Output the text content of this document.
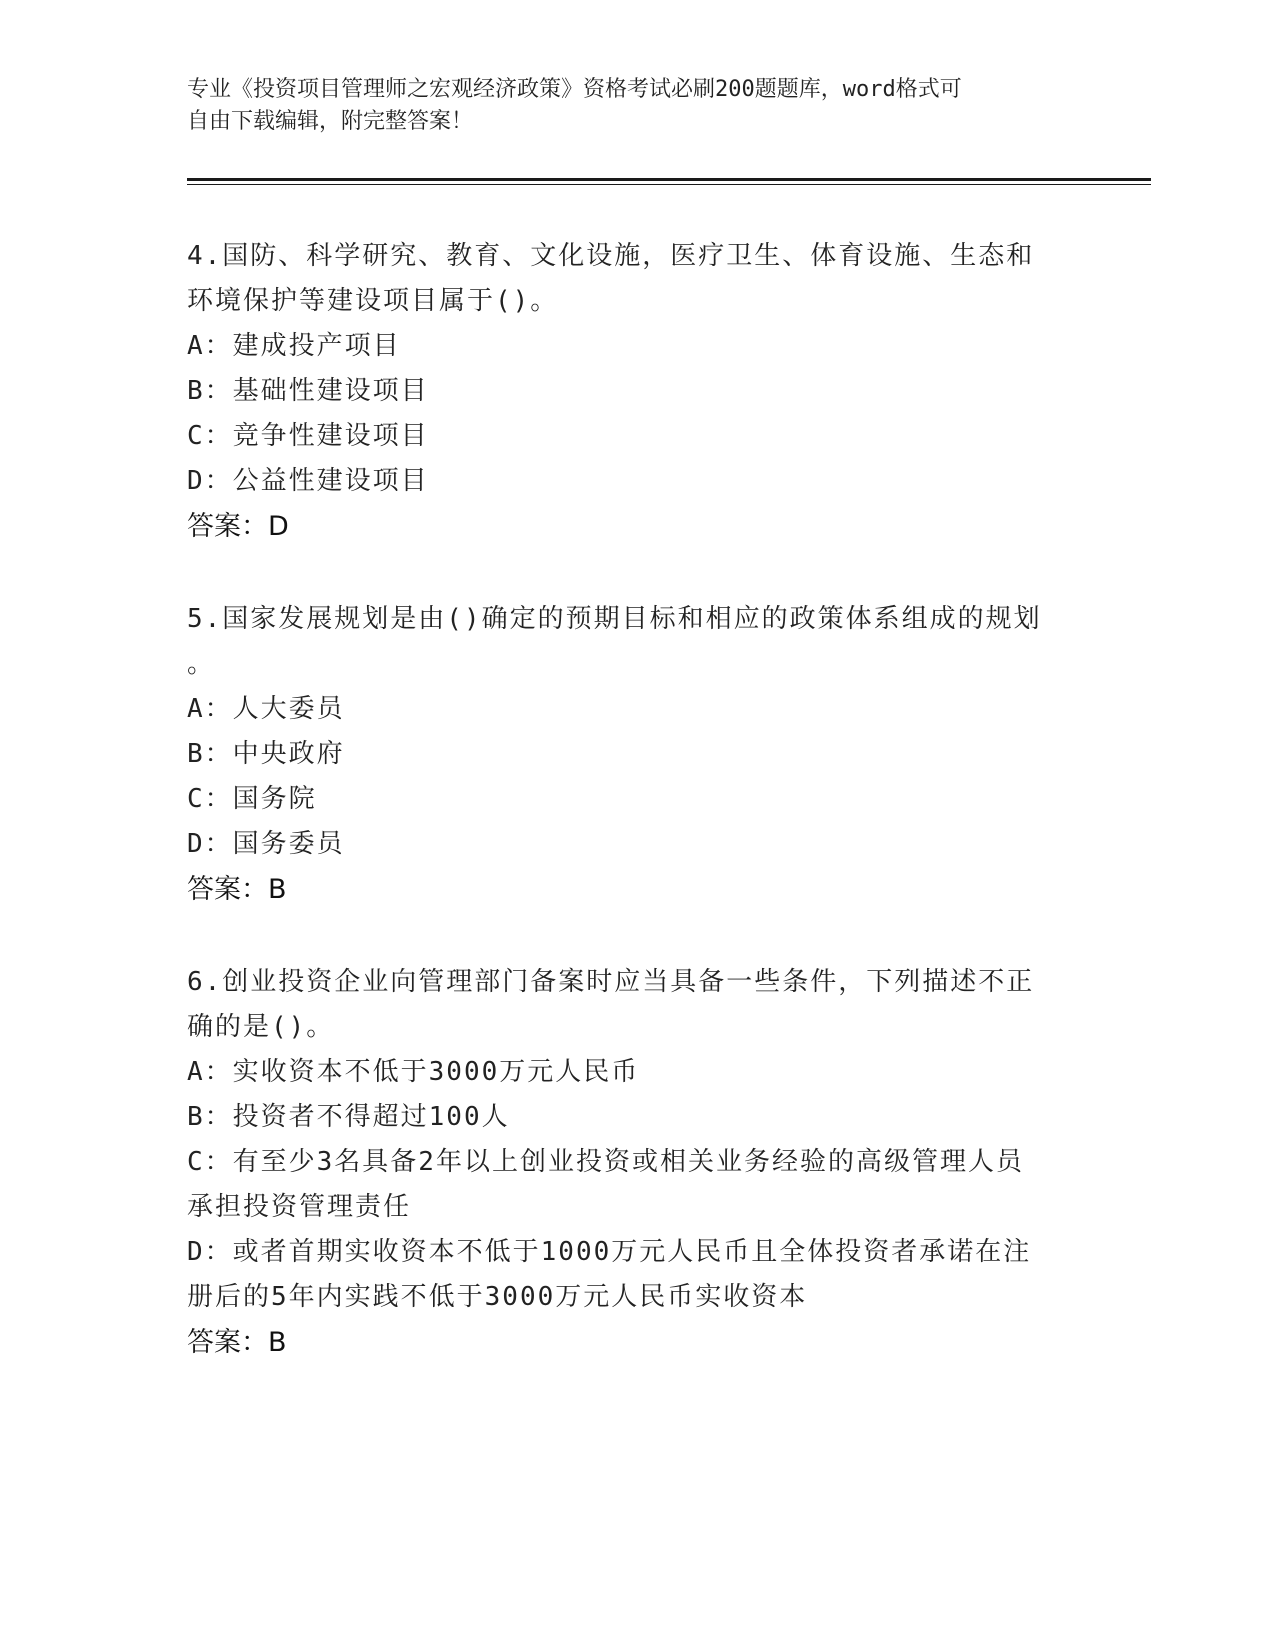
专业《投资项目管理师之宏观经济政策》资格考试必刷200题题库，word格式可
自由下载编辑，附完整答案！

4.国防、科学研究、教育、文化设施，医疗卫生、体育设施、生态和

环境保护等建设项目属于()。

A：建成投产项目

B：基础性建设项目

C：竞争性建设项目

D：公益性建设项目

答案：D

5.国家发展规划是由()确定的预期目标和相应的政策体系组成的规划

。

A：人大委员

B：中央政府

C：国务院

D：国务委员

答案：B

6.创业投资企业向管理部门备案时应当具备一些条件，下列描述不正

确的是()。

A：实收资本不低于3000万元人民币

B：投资者不得超过100人

C：有至少3名具备2年以上创业投资或相关业务经验的高级管理人员

承担投资管理责任

D：或者首期实收资本不低于1000万元人民币且全体投资者承诺在注

册后的5年内实践不低于3000万元人民币实收资本

答案：B
